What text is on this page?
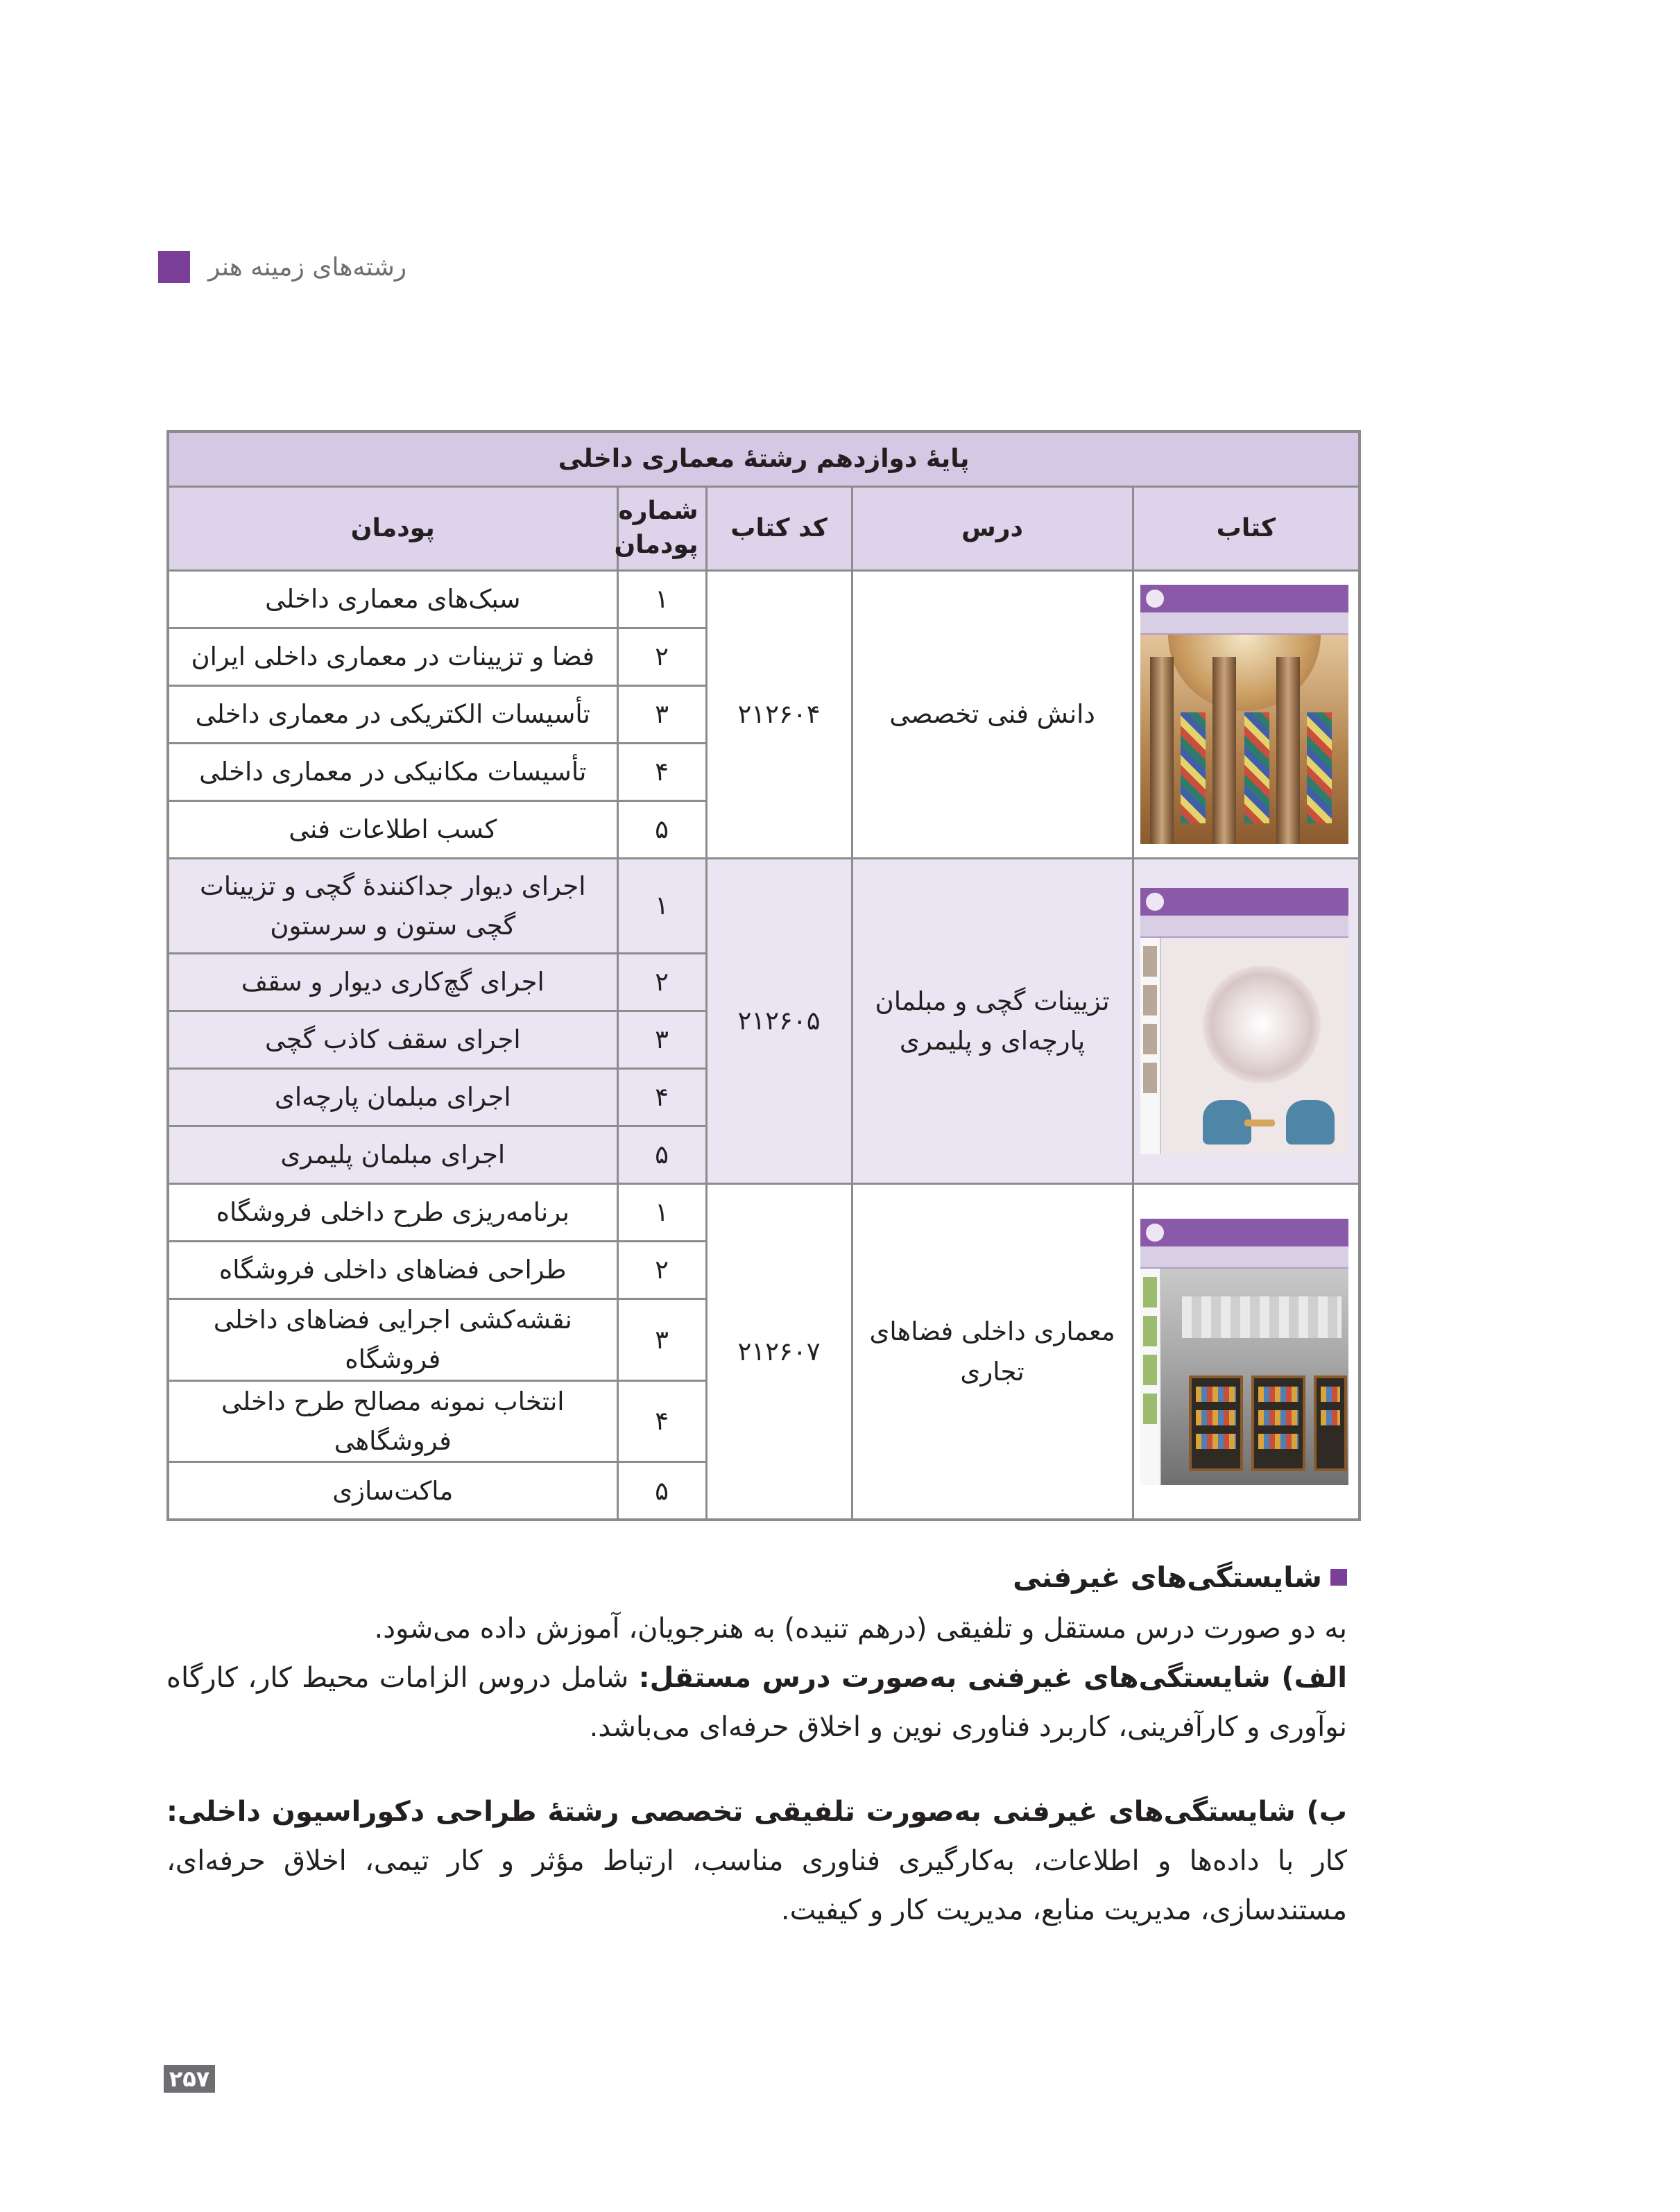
رشته‌های زمینه هنر
پایهٔ دوازدهم رشتهٔ معماری داخلی				
کتاب	درس	کد کتاب	شماره پودمان	پودمان

	دانش فنی تخصصی	۲۱۲۶۰۴	۱	سبک‌های معماری داخلی
			۲	فضا و تزیینات در معماری داخلی ایران
			۳	تأسیسات الکتریکی در معماری داخلی
			۴	تأسیسات مکانیکی در معماری داخلی
			۵	کسب اطلاعات فنی

	تزیینات گچی و مبلمان پارچه‌ای و پلیمری	۲۱۲۶۰۵	۱	اجرای دیوار جداکنندهٔ گچی و تزیینات گچی ستون و سرستون
			۲	اجرای گچ‌کاری دیوار و سقف
			۳	اجرای سقف کاذب گچی
			۴	اجرای مبلمان پارچه‌ای
			۵	اجرای مبلمان پلیمری

	معماری داخلی فضاهای تجاری	۲۱۲۶۰۷	۱	برنامه‌ریزی طرح داخلی فروشگاه
			۲	طراحی فضاهای داخلی فروشگاه
			۳	نقشه‌کشی اجرایی فضاهای داخلی فروشگاه
			۴	انتخاب نمونه مصالح طرح داخلی فروشگاهی
			۵	ماکت‌سازی
شایستگی‌های غیرفنی

به دو صورت درس مستقل و تلفیقی (درهم تنیده) به هنرجویان، آموزش داده می‌شود.

الف) شایستگی‌های غیرفنی به‌صورت درس مستقل: شامل دروس الزامات محیط کار، کارگاه نوآوری و کارآفرینی، کاربرد فناوری نوین و اخلاق حرفه‌ای می‌باشد.

ب) شایستگی‌های غیرفنی به‌صورت تلفیقی تخصصی رشتهٔ طراحی دکوراسیون داخلی: کار با داده‌ها و اطلاعات، به‌کارگیری فناوری مناسب، ارتباط مؤثر و کار تیمی، اخلاق حرفه‌ای، مستندسازی، مدیریت منابع، مدیریت کار و کیفیت.

۲۵۷
